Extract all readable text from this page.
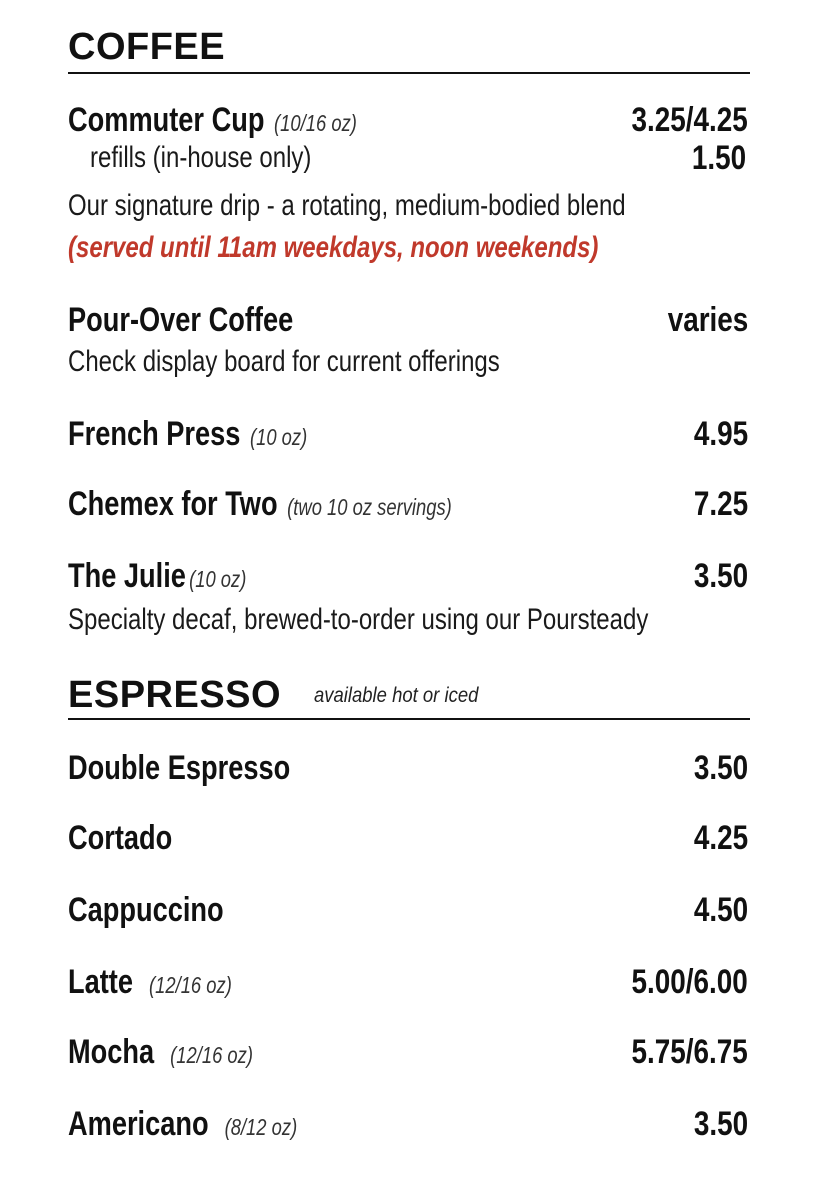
COFFEE
Commuter Cup (10/16 oz)	3.25/4.25
refills (in-house only)	1.50
Our signature drip - a rotating, medium-bodied blend
(served until 11am weekdays, noon weekends)
Pour-Over Coffee	varies
Check display board for current offerings
French Press (10 oz)	4.95
Chemex for Two (two 10 oz servings)	7.25
The Julie (10 oz)	3.50
Specialty decaf, brewed-to-order using our Poursteady
ESPRESSO available hot or iced
Double Espresso	3.50
Cortado	4.25
Cappuccino	4.50
Latte (12/16 oz)	5.00/6.00
Mocha (12/16 oz)	5.75/6.75
Americano (8/12 oz)	3.50
